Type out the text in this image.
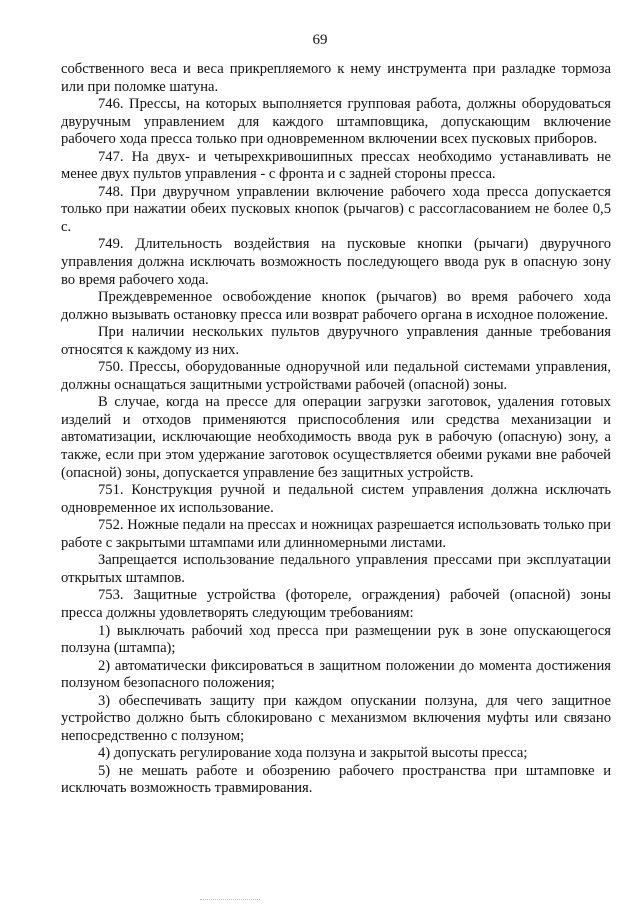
69

собственного веса и веса прикрепляемого к нему инструмента при разладке тормоза или при поломке шатуна.

746. Прессы, на которых выполняется групповая работа, должны оборудоваться двуручным управлением для каждого штамповщика, допускающим включение рабочего хода пресса только при одновременном включении всех пусковых приборов.

747. На двух- и четырехкривошипных прессах необходимо устанавливать не менее двух пультов управления - с фронта и с задней стороны пресса.

748. При двуручном управлении включение рабочего хода пресса допускается только при нажатии обеих пусковых кнопок (рычагов) с рассогласованием не более 0,5 с.

749. Длительность воздействия на пусковые кнопки (рычаги) двуручного управления должна исключать возможность последующего ввода рук в опасную зону во время рабочего хода.

Преждевременное освобождение кнопок (рычагов) во время рабочего хода должно вызывать остановку пресса или возврат рабочего органа в исходное положение.

При наличии нескольких пультов двуручного управления данные требования относятся к каждому из них.

750. Прессы, оборудованные одноручной или педальной системами управления, должны оснащаться защитными устройствами рабочей (опасной) зоны.

В случае, когда на прессе для операции загрузки заготовок, удаления готовых изделий и отходов применяются приспособления или средства механизации и автоматизации, исключающие необходимость ввода рук в рабочую (опасную) зону, а также, если при этом удержание заготовок осуществляется обеими руками вне рабочей (опасной) зоны, допускается управление без защитных устройств.

751. Конструкция ручной и педальной систем управления должна исключать одновременное их использование.

752. Ножные педали на прессах и ножницах разрешается использовать только при работе с закрытыми штампами или длинномерными листами.

Запрещается использование педального управления прессами при эксплуатации открытых штампов.

753. Защитные устройства (фотореле, ограждения) рабочей (опасной) зоны пресса должны удовлетворять следующим требованиям:

1) выключать рабочий ход пресса при размещении рук в зоне опускающегося ползуна (штампа);

2) автоматически фиксироваться в защитном положении до момента достижения ползуном безопасного положения;

3) обеспечивать защиту при каждом опускании ползуна, для чего защитное устройство должно быть сблокировано с механизмом включения муфты или связано непосредственно с ползуном;

4) допускать регулирование хода ползуна и закрытой высоты пресса;

5) не мешать работе и обозрению рабочего пространства при штамповке и исключать возможность травмирования.
